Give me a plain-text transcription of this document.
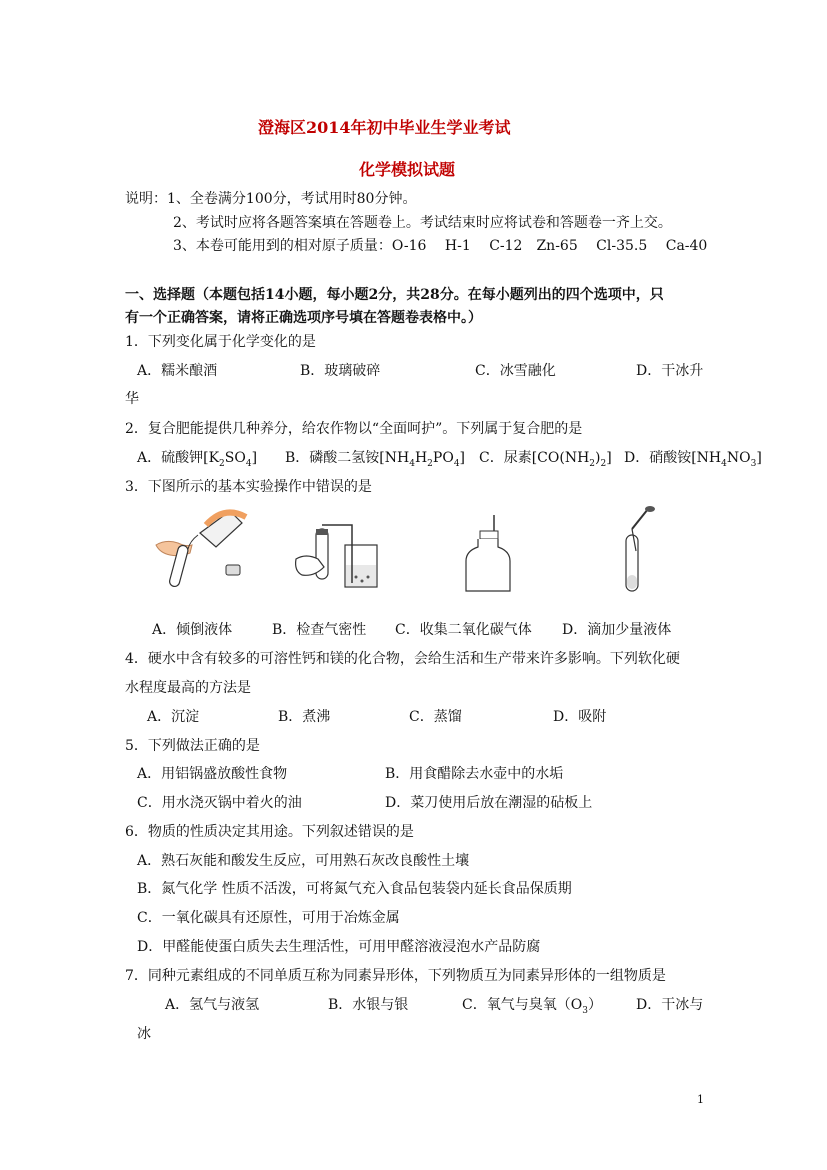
澄海区2014年初中毕业生学业考试
化学模拟试题
说明：1、全卷满分100分，考试用时80分钟。
2、考试时应将各题答案填在答题卷上。考试结束时应将试卷和答题卷一齐上交。
3、本卷可能用到的相对原子质量：O-16　 H-1　 C-12　Zn-65　 Cl-35.5　 Ca-40
一、选择题（本题包括14小题，每小题2分，共28分。在每小题列出的四个选项中，只
有一个正确答案，请将正确选项序号填在答题卷表格中。）
1．下列变化属于化学变化的是
A．糯米酿酒	B．玻璃破碎	C．冰雪融化	D．干冰升
华
2．复合肥能提供几种养分，给农作物以“全面呵护”。下列属于复合肥的是
A．硫酸钾$[K_2SO_4]$ B．磷酸二氢铵$[NH_4H_2PO_4]$ C．尿素$[CO(NH_2)_2]$ D．硝酸铵$[NH_4NO_3]$
3．下图所示的基本实验操作中错误的是
A．倾倒液体	B．检查气密性 C．收集二氧化碳气体 D．滴加少量液体
4．硬水中含有较多的可溶性钙和镁的化合物，会给生活和生产带来许多影响。下列软化硬
水程度最高的方法是
A．沉淀	B．煮沸	C．蒸馏	D．吸附
5．下列做法正确的是
A．用铝锅盛放酸性食物	B．用食醋除去水壶中的水垢
C．用水浇灭锅中着火的油	D．菜刀使用后放在潮湿的砧板上
6．物质的性质决定其用途。下列叙述错误的是
A．熟石灰能和酸发生反应，可用熟石灰改良酸性土壤
B．氮气化学 性质不活泼，可将氮气充入食品包装袋内延长食品保质期
C．一氧化碳具有还原性，可用于冶炼金属
D．甲醛能使蛋白质失去生理活性，可用甲醛溶液浸泡水产品防腐
7．同种元素组成的不同单质互称为同素异形体，下列物质互为同素异形体的一组物质是
A．氢气与液氢	B．水银与银	C．氧气与臭氧$(O_3)$ D．干冰与
冰
1
